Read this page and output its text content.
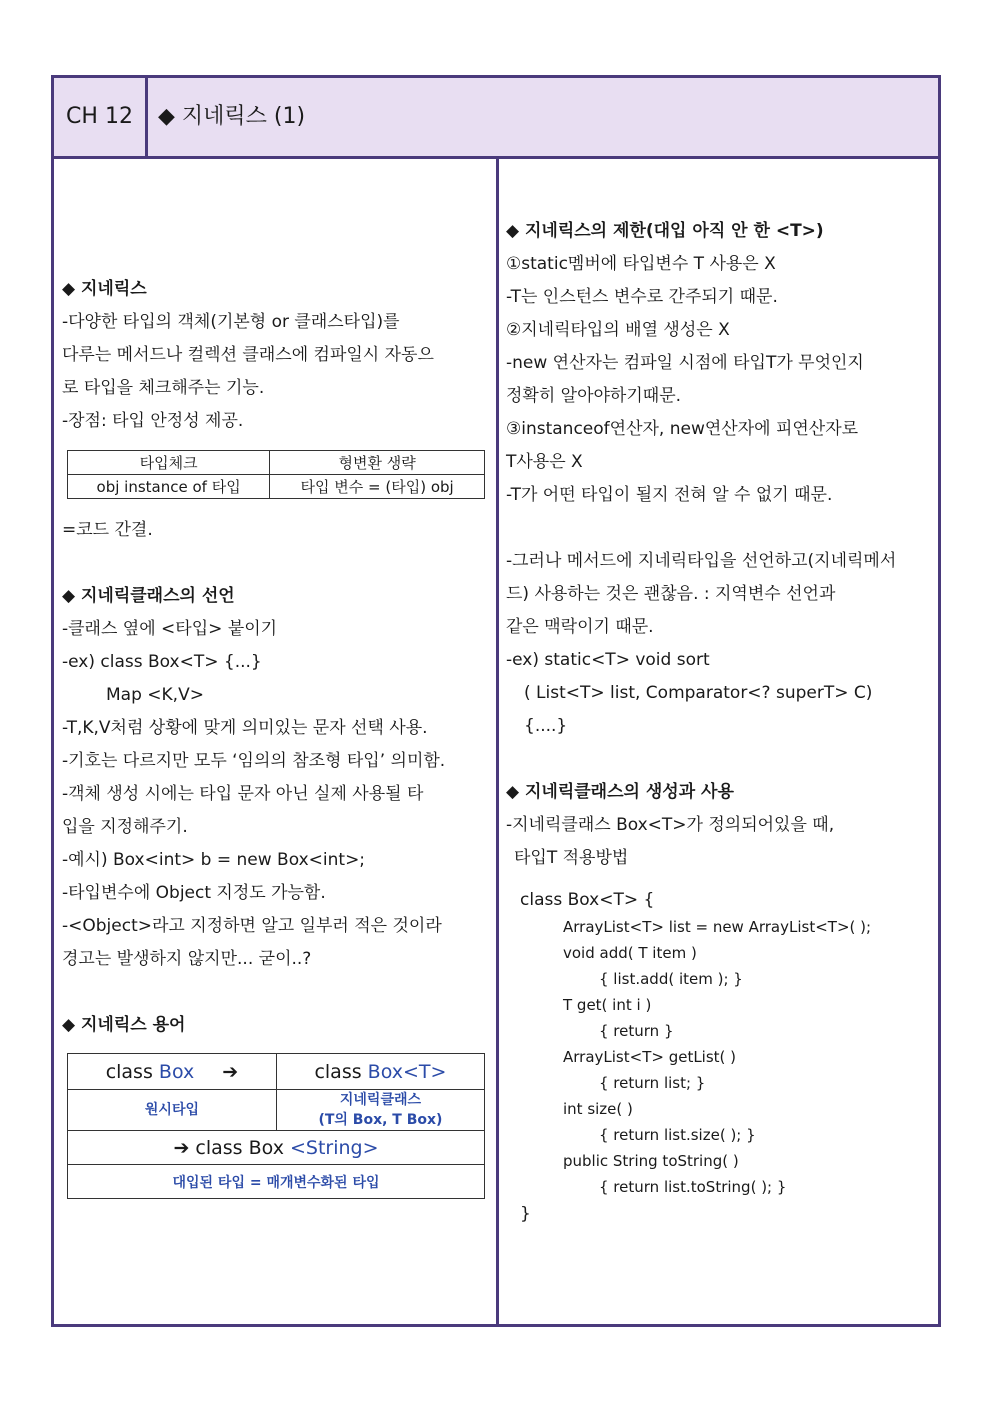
CH 12	◆ 지네릭스 (1)
◆ 지네릭스
-다양한 타입의 객체(기본형 or 클래스타입)를
다루는 메서드나 컬렉션 클래스에 컴파일시 자동으
로 타입을 체크해주는 기능.
-장점: 타입 안정성 제공.
타입체크	형변환 생략
obj instance of 타입	타입 변수 = (타입) obj
=코드 간결.
◆ 지네릭클래스의 선언
-클래스 옆에 <타입> 붙이기
-ex) class Box<T> {...}
Map <K,V>
-T,K,V처럼 상황에 맞게 의미있는 문자 선택 사용.
-기호는 다르지만 모두 ‘임의의 참조형 타입’ 의미함.
-객체 생성 시에는 타입 문자 아닌 실제 사용될 타
입을 지정해주기.
-예시) Box<int> b = new Box<int>;
-타입변수에 Object 지정도 가능함.
-<Object>라고 지정하면 알고 일부러 적은 것이라
경고는 발생하지 않지만... 굳이..?
◆ 지네릭스 용어
class Box ➔	class Box<T>
원시타입	지네릭클래스
(T의 Box, T Box)

➔ class Box <String>	
대입된 타입 = 매개변수화된 타입	
◆ 지네릭스의 제한(대입 아직 안 한 <T>)
①static멤버에 타입변수 T 사용은 X
-T는 인스턴스 변수로 간주되기 때문.
②지네릭타입의 배열 생성은 X
-new 연산자는 컴파일 시점에 타입T가 무엇인지
정확히 알아야하기때문.
③instanceof연산자, new연산자에 피연산자로
T사용은 X
-T가 어떤 타입이 될지 전혀 알 수 없기 때문.
-그러나 메서드에 지네릭타입을 선언하고(지네릭메서
드) 사용하는 것은 괜찮음. : 지역변수 선언과
같은 맥락이기 때문.
-ex) static<T> void sort
( List<T> list, Comparator<? superT> C)
{....}
◆ 지네릭클래스의 생성과 사용
-지네릭클래스 Box<T>가 정의되어있을 때,
타입T 적용방법
class Box<T> {
ArrayList<T> list = new ArrayList<T>( );
void add( T item )
{ list.add( item ); }
T get( int i )
{ return }
ArrayList<T> getList( )
{ return list; }
int size( )
{ return list.size( ); }
public String toString( )
{ return list.toString( ); }
}
